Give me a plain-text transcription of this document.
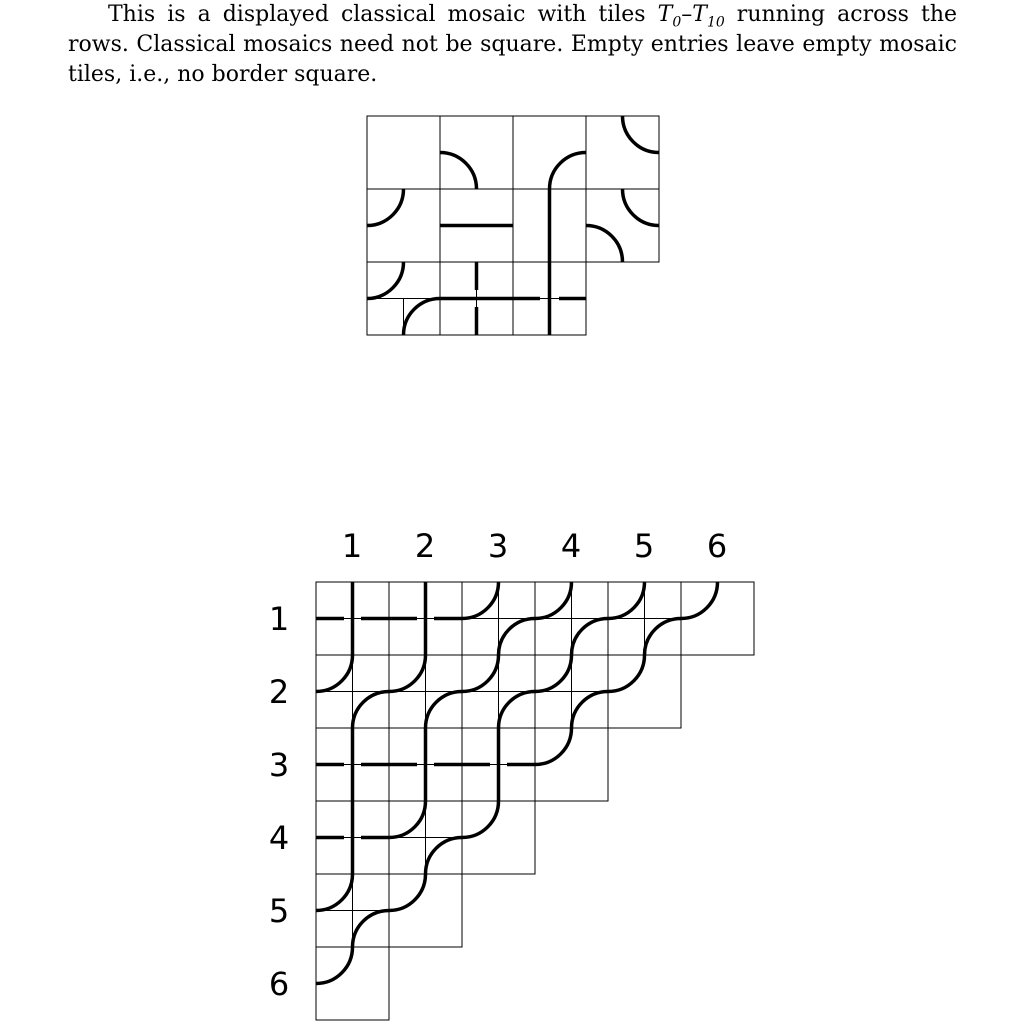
This is a displayed classical mosaic with tiles $T_0-T_{10}$ running across the rows. Classical mosaics need not be square. Empty entries leave empty mosaic tiles, i.e., no border square.

1 2 3 4 5 6
1
2
3
4
5
6
